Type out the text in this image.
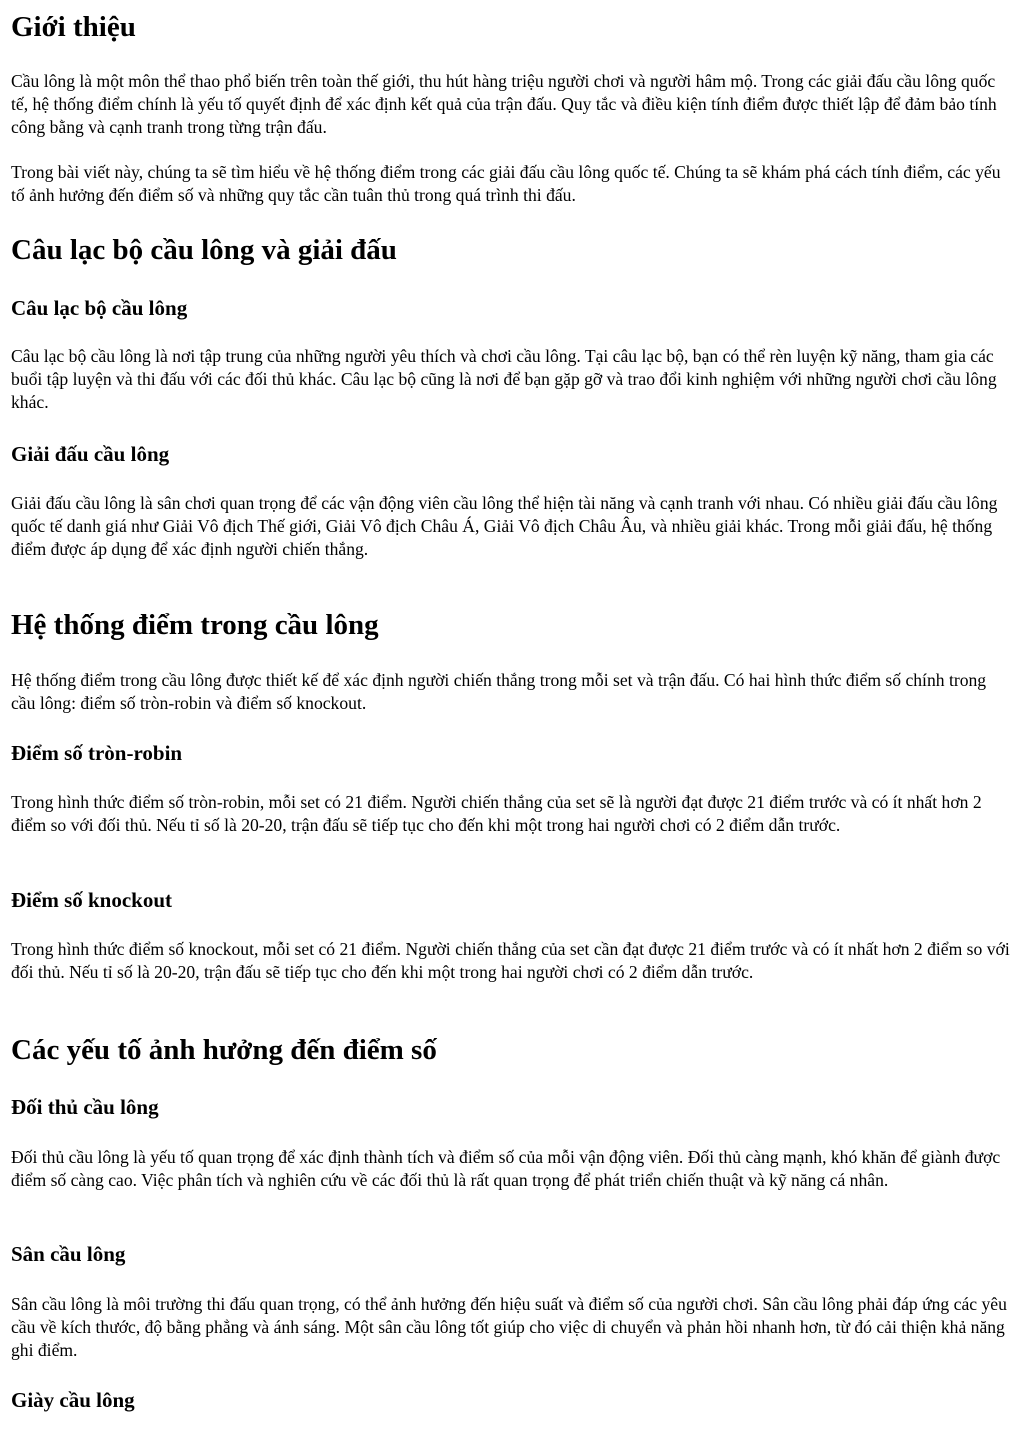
Giới thiệu

Cầu lông là một môn thể thao phổ biến trên toàn thế giới, thu hút hàng triệu người chơi và người hâm mộ. Trong các giải đấu cầu lông quốc tế, hệ thống điểm chính là yếu tố quyết định để xác định kết quả của trận đấu. Quy tắc và điều kiện tính điểm được thiết lập để đảm bảo tính công bằng và cạnh tranh trong từng trận đấu.

Trong bài viết này, chúng ta sẽ tìm hiểu về hệ thống điểm trong các giải đấu cầu lông quốc tế. Chúng ta sẽ khám phá cách tính điểm, các yếu tố ảnh hưởng đến điểm số và những quy tắc cần tuân thủ trong quá trình thi đấu.

Câu lạc bộ cầu lông và giải đấu
Câu lạc bộ cầu lông

Câu lạc bộ cầu lông là nơi tập trung của những người yêu thích và chơi cầu lông. Tại câu lạc bộ, bạn có thể rèn luyện kỹ năng, tham gia các buổi tập luyện và thi đấu với các đối thủ khác. Câu lạc bộ cũng là nơi để bạn gặp gỡ và trao đổi kinh nghiệm với những người chơi cầu lông khác.

Giải đấu cầu lông

Giải đấu cầu lông là sân chơi quan trọng để các vận động viên cầu lông thể hiện tài năng và cạnh tranh với nhau. Có nhiều giải đấu cầu lông quốc tế danh giá như Giải Vô địch Thế giới, Giải Vô địch Châu Á, Giải Vô địch Châu Âu, và nhiều giải khác. Trong mỗi giải đấu, hệ thống điểm được áp dụng để xác định người chiến thắng.

Hệ thống điểm trong cầu lông

Hệ thống điểm trong cầu lông được thiết kế để xác định người chiến thắng trong mỗi set và trận đấu. Có hai hình thức điểm số chính trong cầu lông: điểm số tròn-robin và điểm số knockout.

Điểm số tròn-robin

Trong hình thức điểm số tròn-robin, mỗi set có 21 điểm. Người chiến thắng của set sẽ là người đạt được 21 điểm trước và có ít nhất hơn 2 điểm so với đối thủ. Nếu tỉ số là 20-20, trận đấu sẽ tiếp tục cho đến khi một trong hai người chơi có 2 điểm dẫn trước.

Điểm số knockout

Trong hình thức điểm số knockout, mỗi set có 21 điểm. Người chiến thắng của set cần đạt được 21 điểm trước và có ít nhất hơn 2 điểm so với đối thủ. Nếu tỉ số là 20-20, trận đấu sẽ tiếp tục cho đến khi một trong hai người chơi có 2 điểm dẫn trước.

Các yếu tố ảnh hưởng đến điểm số
Đối thủ cầu lông

Đối thủ cầu lông là yếu tố quan trọng để xác định thành tích và điểm số của mỗi vận động viên. Đối thủ càng mạnh, khó khăn để giành được điểm số càng cao. Việc phân tích và nghiên cứu về các đối thủ là rất quan trọng để phát triển chiến thuật và kỹ năng cá nhân.

Sân cầu lông

Sân cầu lông là môi trường thi đấu quan trọng, có thể ảnh hưởng đến hiệu suất và điểm số của người chơi. Sân cầu lông phải đáp ứng các yêu cầu về kích thước, độ bằng phẳng và ánh sáng. Một sân cầu lông tốt giúp cho việc di chuyển và phản hồi nhanh hơn, từ đó cải thiện khả năng ghi điểm.

Giày cầu lông
